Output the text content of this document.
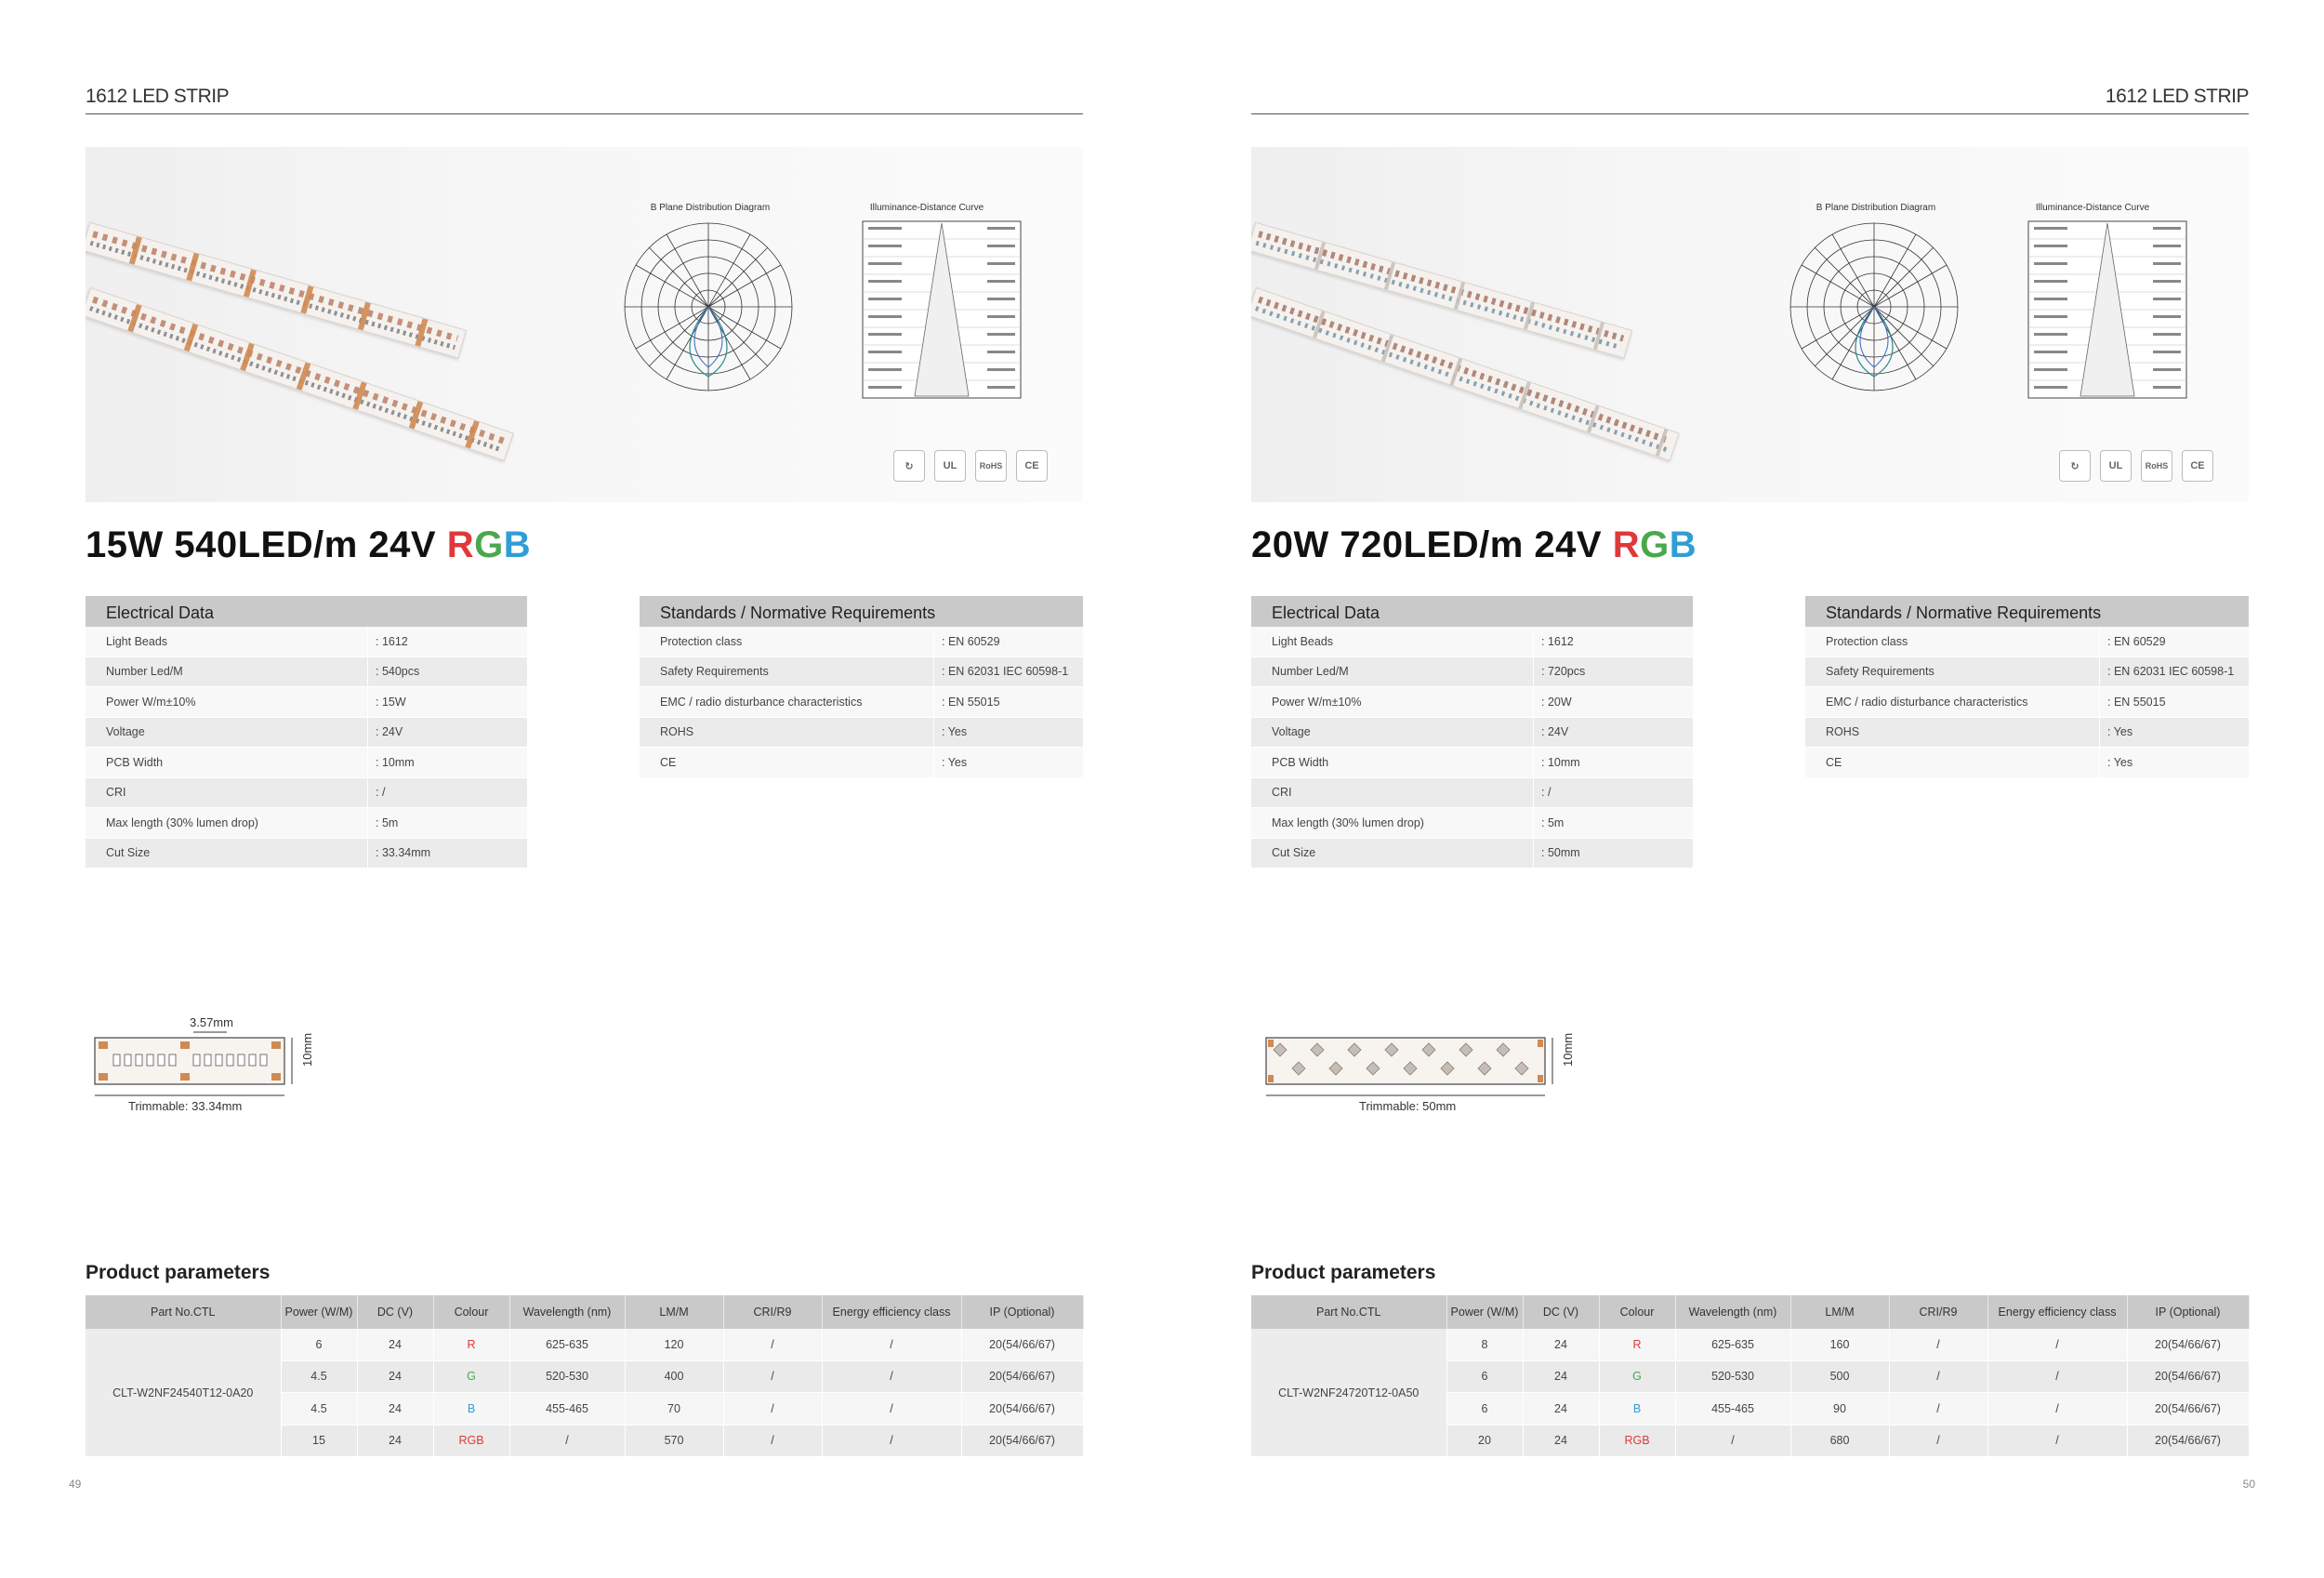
1612 LED STRIP
B Plane Distribution Diagram	Illuminance-Distance Curve
↻	UL	RoHS	CE
15W 540LED/m 24V RGB
Electrical Data
Light Beads	: 1612
Number Led/M	: 540pcs
Power W/m±10%	: 15W
Voltage	: 24V
PCB Width	: 10mm
CRI	: /
Max length (30% lumen drop)	: 5m
Cut Size	: 33.34mm
Standards / Normative Requirements
Protection class	: EN 60529
Safety Requirements	: EN 62031 IEC 60598-1
EMC / radio disturbance characteristics	: EN 55015
ROHS	: Yes
CE	: Yes
3.57mm
10mm
Trimmable: 33.34mm
Product parameters
Part No.CTL	Power (W/M)	DC (V)	Colour	Wavelength (nm)	LM/M	CRI/R9	Energy efficiency class	IP (Optional)
CLT-W2NF24540T12-0A20	6	24	R	625-635	120	/	/	20(54/66/67)
	4.5	24	G	520-530	400	/	/	20(54/66/67)
	4.5	24	B	455-465	70	/	/	20(54/66/67)
	15	24	RGB	/	570	/	/	20(54/66/67)
49
1612 LED STRIP
B Plane Distribution Diagram	Illuminance-Distance Curve
↻	UL	RoHS	CE
20W 720LED/m 24V RGB
Electrical Data
Light Beads	: 1612
Number Led/M	: 720pcs
Power W/m±10%	: 20W
Voltage	: 24V
PCB Width	: 10mm
CRI	: /
Max length (30% lumen drop)	: 5m
Cut Size	: 50mm
Standards / Normative Requirements
Protection class	: EN 60529
Safety Requirements	: EN 62031 IEC 60598-1
EMC / radio disturbance characteristics	: EN 55015
ROHS	: Yes
CE	: Yes
10mm
Trimmable: 50mm
Product parameters
Part No.CTL	Power (W/M)	DC (V)	Colour	Wavelength (nm)	LM/M	CRI/R9	Energy efficiency class	IP (Optional)
CLT-W2NF24720T12-0A50	8	24	R	625-635	160	/	/	20(54/66/67)
	6	24	G	520-530	500	/	/	20(54/66/67)
	6	24	B	455-465	90	/	/	20(54/66/67)
	20	24	RGB	/	680	/	/	20(54/66/67)
50
